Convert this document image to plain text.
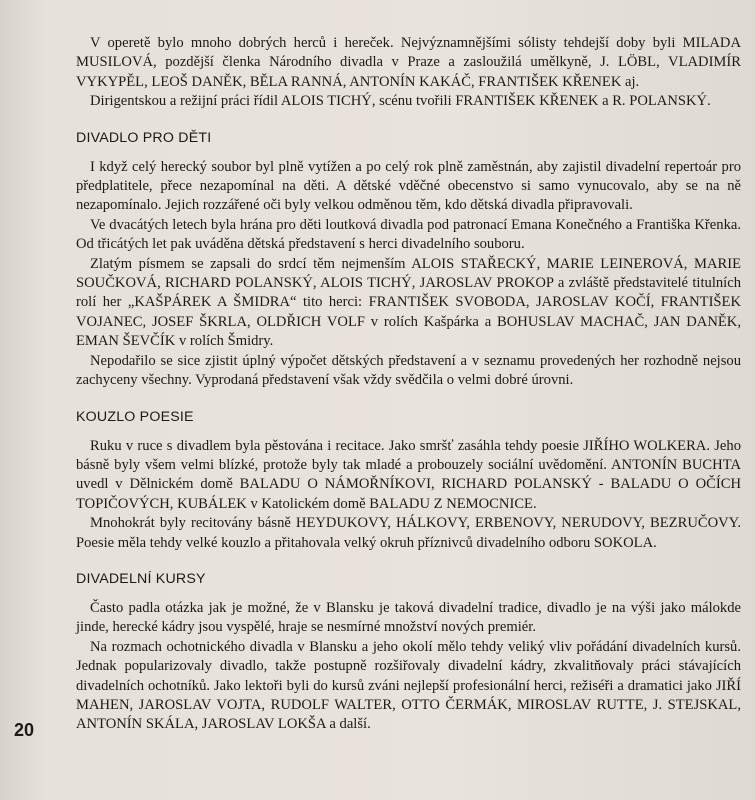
V operetě bylo mnoho dobrých herců i hereček. Nejvýznamnějšími sólisty tehdejší doby byli MILADA MUSILOVÁ, pozdější členka Národního divadla v Praze a zasloužilá umělkyně, J. LÖBL, VLADIMÍR VYKYPĚL, LEOŠ DANĚK, BĚLA RANNÁ, ANTONÍN KAKÁČ, FRANTIŠEK KŘENEK aj.

Dirigentskou a režijní práci řídil ALOIS TICHÝ, scénu tvořili FRANTIŠEK KŘENEK a R. POLANSKÝ.

DIVADLO PRO DĚTI

I když celý herecký soubor byl plně vytížen a po celý rok plně zaměstnán, aby zajistil divadelní repertoár pro předplatitele, přece nezapomínal na děti. A dětské vděčné obecenstvo si samo vynucovalo, aby se na ně nezapomínalo. Jejich rozzářené oči byly velkou odměnou těm, kdo dětská divadla připravovali.

Ve dvacátých letech byla hrána pro děti loutková divadla pod patronací Emana Konečného a Františka Křenka. Od třicátých let pak uváděna dětská představení s herci divadelního souboru.

Zlatým písmem se zapsali do srdcí těm nejmenším ALOIS STAŘECKÝ, MARIE LEINEROVÁ, MARIE SOUČKOVÁ, RICHARD POLANSKÝ, ALOIS TICHÝ, JAROSLAV PROKOP a zvláště představitelé titulních rolí her „KAŠPÁREK A ŠMIDRA“ tito herci: FRANTIŠEK SVOBODA, JAROSLAV KOČÍ, FRANTIŠEK VOJANEC, JOSEF ŠKRLA, OLDŘICH VOLF v rolích Kašpárka a BOHUSLAV MACHAČ, JAN DANĚK, EMAN ŠEVČÍK v rolích Šmidry.

Nepodařilo se sice zjistit úplný výpočet dětských představení a v seznamu provedených her rozhodně nejsou zachyceny všechny. Vyprodaná představení však vždy svědčila o velmi dobré úrovni.

KOUZLO POESIE

Ruku v ruce s divadlem byla pěstována i recitace. Jako smršť zasáhla tehdy poesie JIŘÍHO WOLKERA. Jeho básně byly všem velmi blízké, protože byly tak mladé a probouzely sociální uvědomění. ANTONÍN BUCHTA uvedl v Dělnickém domě BALADU O NÁMOŘNÍKOVI, RICHARD POLANSKÝ - BALADU O OČÍCH TOPIČOVÝCH, KUBÁLEK v Katolickém domě BALADU Z NEMOCNICE.

Mnohokrát byly recitovány básně HEYDUKOVY, HÁLKOVY, ERBENOVY, NERUDOVY, BEZRUČOVY. Poesie měla tehdy velké kouzlo a přitahovala velký okruh příznivců divadelního odboru SOKOLA.

DIVADELNÍ KURSY

Často padla otázka jak je možné, že v Blansku je taková divadelní tradice, divadlo je na výši jako málokde jinde, herecké kádry jsou vyspělé, hraje se nesmírné množství nových premiér.

Na rozmach ochotnického divadla v Blansku a jeho okolí mělo tehdy veliký vliv pořádání divadelních kursů. Jednak popularizovaly divadlo, takže postupně rozšiřovaly divadelní kádry, zkvalitňovaly práci stávajících divadelních ochotníků. Jako lektoři byli do kursů zváni nejlepší profesionální herci, režiséři a dramatici jako JIŘÍ MAHEN, JAROSLAV VOJTA, RUDOLF WALTER, OTTO ČERMÁK, MIROSLAV RUTTE, J. STEJSKAL, ANTONÍN SKÁLA, JAROSLAV LOKŠA a další.

20
